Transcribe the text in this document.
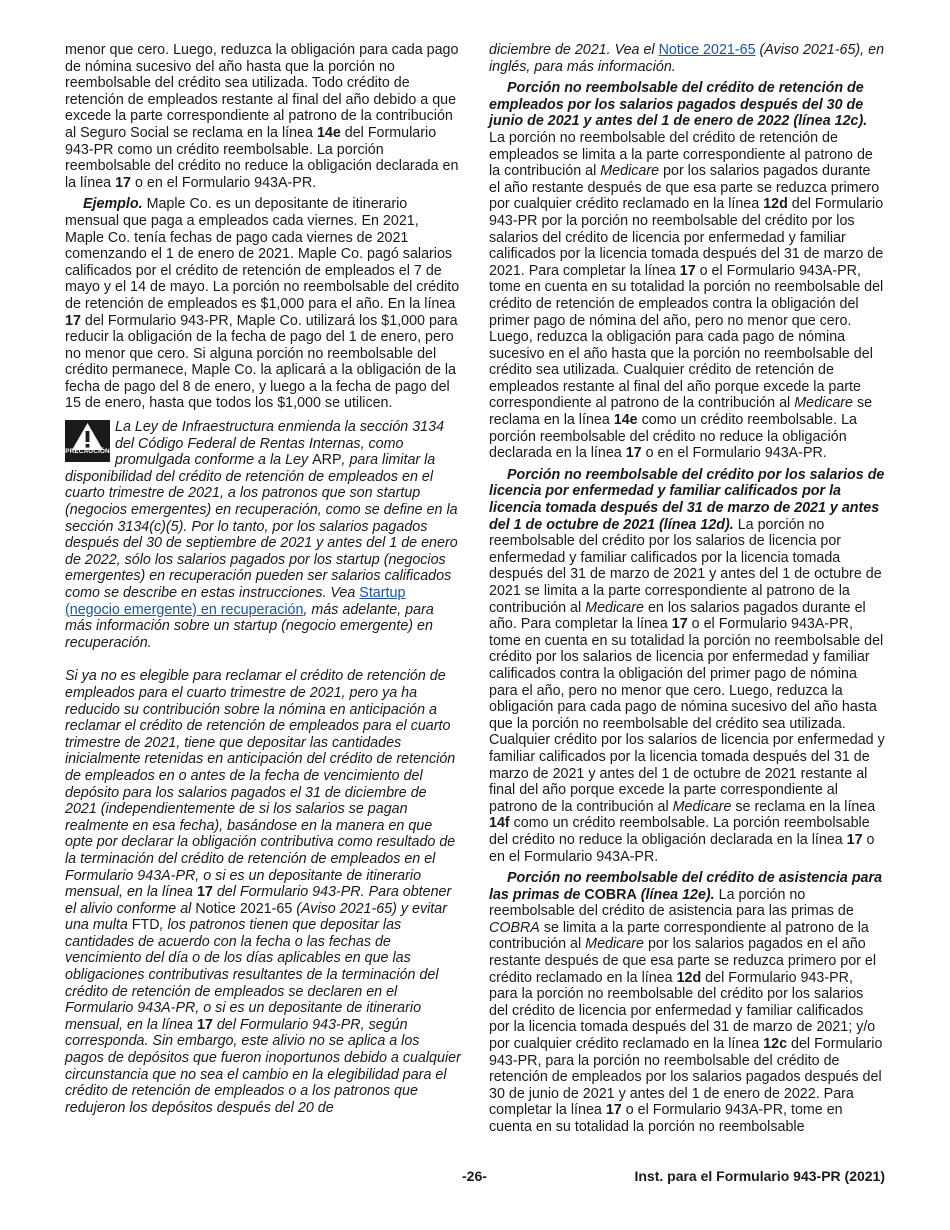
menor que cero. Luego, reduzca la obligación para cada pago de nómina sucesivo del año hasta que la porción no reembolsable del crédito sea utilizada. Todo crédito de retención de empleados restante al final del año debido a que excede la parte correspondiente al patrono de la contribución al Seguro Social se reclama en la línea 14e del Formulario 943-PR como un crédito reembolsable. La porción reembolsable del crédito no reduce la obligación declarada en la línea 17 o en el Formulario 943A-PR.

Ejemplo. Maple Co. es un depositante de itinerario mensual que paga a empleados cada viernes. En 2021, Maple Co. tenía fechas de pago cada viernes de 2021 comenzando el 1 de enero de 2021. Maple Co. pagó salarios calificados por el crédito de retención de empleados el 7 de mayo y el 14 de mayo. La porción no reembolsable del crédito de retención de empleados es $1,000 para el año. En la línea 17 del Formulario 943-PR, Maple Co. utilizará los $1,000 para reducir la obligación de la fecha de pago del 1 de enero, pero no menor que cero. Si alguna porción no reembolsable del crédito permanece, Maple Co. la aplicará a la obligación de la fecha de pago del 8 de enero, y luego a la fecha de pago del 15 de enero, hasta que todos los $1,000 se utilicen.

PRECAUCIÓN

La Ley de Infraestructura enmienda la sección 3134 del Código Federal de Rentas Internas, como promulgada conforme a la Ley ARP, para limitar la disponibilidad del crédito de retención de empleados en el cuarto trimestre de 2021, a los patronos que son startup (negocios emergentes) en recuperación, como se define en la sección 3134(c)(5). Por lo tanto, por los salarios pagados después del 30 de septiembre de 2021 y antes del 1 de enero de 2022, sólo los salarios pagados por los startup (negocios emergentes) en recuperación pueden ser salarios calificados como se describe en estas instrucciones. Vea Startup (negocio emergente) en recuperación, más adelante, para más información sobre un startup (negocio emergente) en recuperación.

Si ya no es elegible para reclamar el crédito de retención de empleados para el cuarto trimestre de 2021, pero ya ha reducido su contribución sobre la nómina en anticipación a reclamar el crédito de retención de empleados para el cuarto trimestre de 2021, tiene que depositar las cantidades inicialmente retenidas en anticipación del crédito de retención de empleados en o antes de la fecha de vencimiento del depósito para los salarios pagados el 31 de diciembre de 2021 (independientemente de si los salarios se pagan realmente en esa fecha), basándose en la manera en que opte por declarar la obligación contributiva como resultado de la terminación del crédito de retención de empleados en el Formulario 943A-PR, o si es un depositante de itinerario mensual, en la línea 17 del Formulario 943-PR. Para obtener el alivio conforme al Notice 2021-65 (Aviso 2021-65) y evitar una multa FTD, los patronos tienen que depositar las cantidades de acuerdo con la fecha o las fechas de vencimiento del día o de los días aplicables en que las obligaciones contributivas resultantes de la terminación del crédito de retención de empleados se declaren en el Formulario 943A-PR, o si es un depositante de itinerario mensual, en la línea 17 del Formulario 943-PR, según corresponda. Sin embargo, este alivio no se aplica a los pagos de depósitos que fueron inoportunos debido a cualquier circunstancia que no sea el cambio en la elegibilidad para el crédito de retención de empleados o a los patronos que redujeron los depósitos después del 20 de

diciembre de 2021. Vea el Notice 2021-65 (Aviso 2021-65), en inglés, para más información.

Porción no reembolsable del crédito de retención de empleados por los salarios pagados después del 30 de junio de 2021 y antes del 1 de enero de 2022 (línea 12c). La porción no reembolsable del crédito de retención de empleados se limita a la parte correspondiente al patrono de la contribución al Medicare por los salarios pagados durante el año restante después de que esa parte se reduzca primero por cualquier crédito reclamado en la línea 12d del Formulario 943-PR por la porción no reembolsable del crédito por los salarios del crédito de licencia por enfermedad y familiar calificados por la licencia tomada después del 31 de marzo de 2021. Para completar la línea 17 o el Formulario 943A-PR, tome en cuenta en su totalidad la porción no reembolsable del crédito de retención de empleados contra la obligación del primer pago de nómina del año, pero no menor que cero. Luego, reduzca la obligación para cada pago de nómina sucesivo en el año hasta que la porción no reembolsable del crédito sea utilizada. Cualquier crédito de retención de empleados restante al final del año porque excede la parte correspondiente al patrono de la contribución al Medicare se reclama en la línea 14e como un crédito reembolsable. La porción reembolsable del crédito no reduce la obligación declarada en la línea 17 o en el Formulario 943A-PR.

Porción no reembolsable del crédito por los salarios de licencia por enfermedad y familiar calificados por la licencia tomada después del 31 de marzo de 2021 y antes del 1 de octubre de 2021 (línea 12d). La porción no reembolsable del crédito por los salarios de licencia por enfermedad y familiar calificados por la licencia tomada después del 31 de marzo de 2021 y antes del 1 de octubre de 2021 se limita a la parte correspondiente al patrono de la contribución al Medicare en los salarios pagados durante el año. Para completar la línea 17 o el Formulario 943A-PR, tome en cuenta en su totalidad la porción no reembolsable del crédito por los salarios de licencia por enfermedad y familiar calificados contra la obligación del primer pago de nómina para el año, pero no menor que cero. Luego, reduzca la obligación para cada pago de nómina sucesivo del año hasta que la porción no reembolsable del crédito sea utilizada. Cualquier crédito por los salarios de licencia por enfermedad y familiar calificados por la licencia tomada después del 31 de marzo de 2021 y antes del 1 de octubre de 2021 restante al final del año porque excede la parte correspondiente al patrono de la contribución al Medicare se reclama en la línea 14f como un crédito reembolsable. La porción reembolsable del crédito no reduce la obligación declarada en la línea 17 o en el Formulario 943A-PR.

Porción no reembolsable del crédito de asistencia para las primas de COBRA (línea 12e). La porción no reembolsable del crédito de asistencia para las primas de COBRA se limita a la parte correspondiente al patrono de la contribución al Medicare por los salarios pagados en el año restante después de que esa parte se reduzca primero por el crédito reclamado en la línea 12d del Formulario 943-PR, para la porción no reembolsable del crédito por los salarios del crédito de licencia por enfermedad y familiar calificados por la licencia tomada después del 31 de marzo de 2021; y/o por cualquier crédito reclamado en la línea 12c del Formulario 943-PR, para la porción no reembolsable del crédito de retención de empleados por los salarios pagados después del 30 de junio de 2021 y antes del 1 de enero de 2022. Para completar la línea 17 o el Formulario 943A-PR, tome en cuenta en su totalidad la porción no reembolsable

-26-	Inst. para el Formulario 943-PR (2021)
